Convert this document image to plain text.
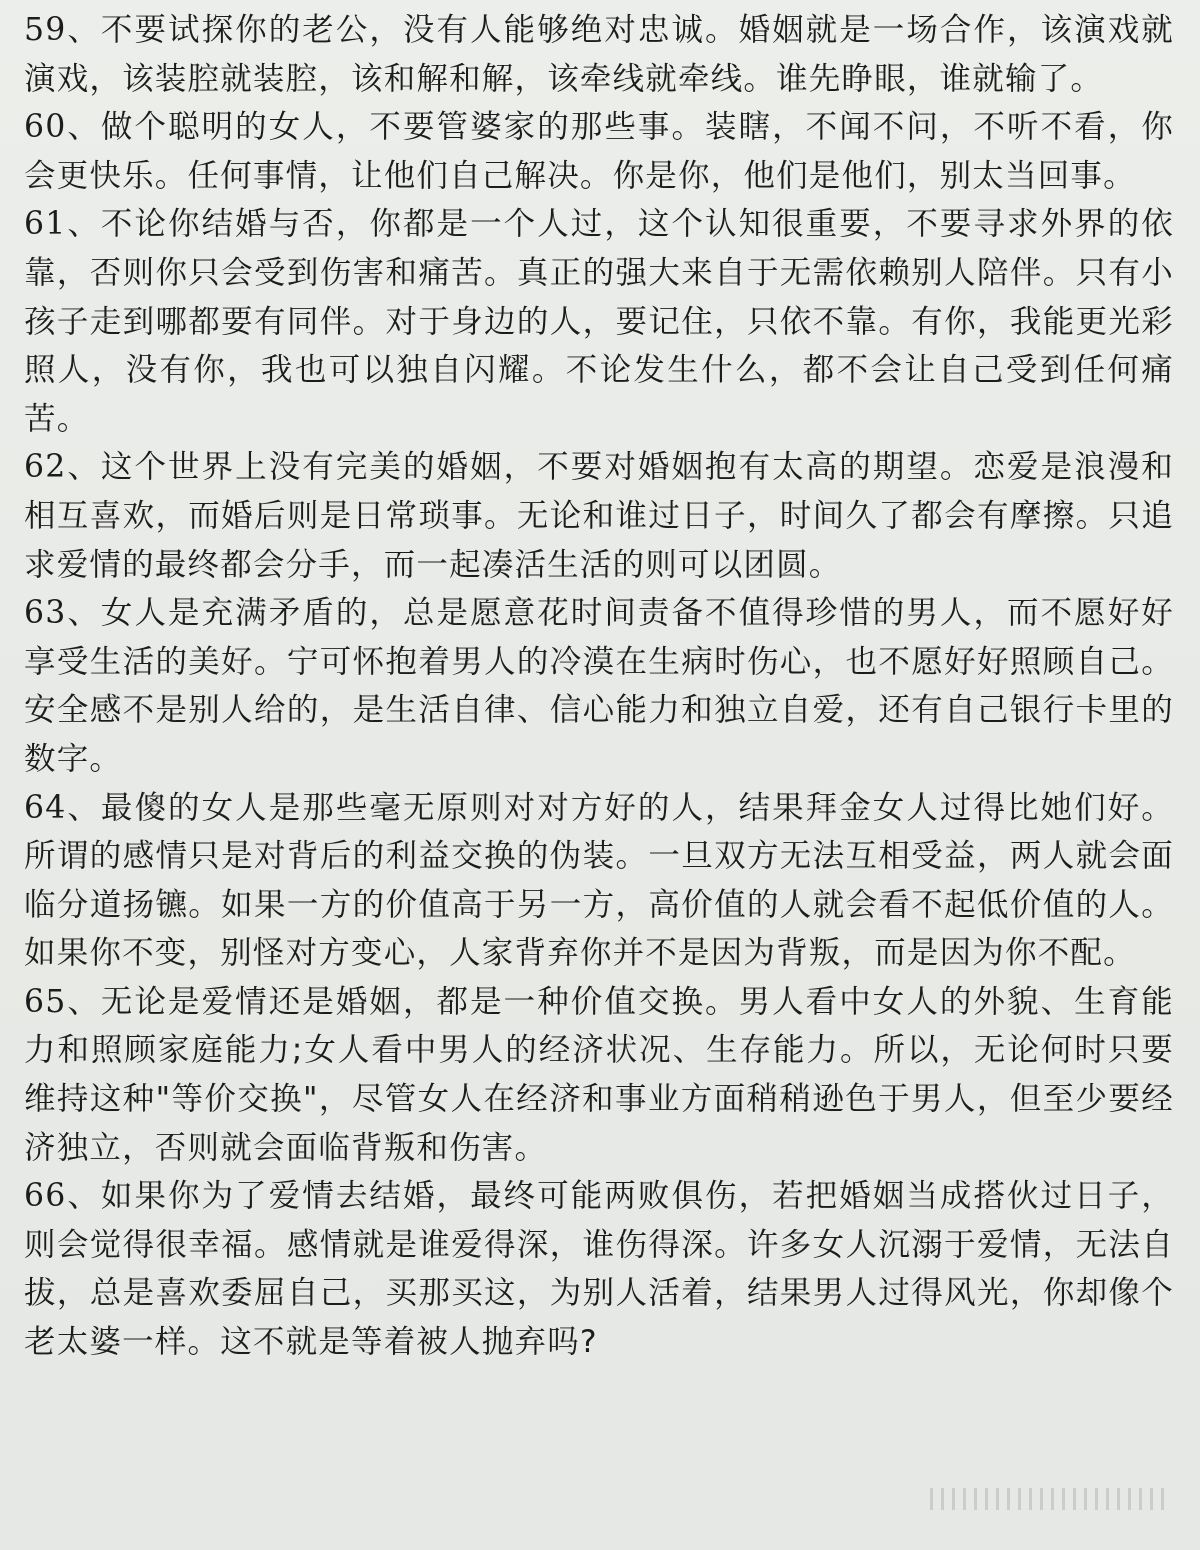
59、不要试探你的老公，没有人能够绝对忠诚。婚姻就是一场合作，该演戏就演戏，该装腔就装腔，该和解和解，该牵线就牵线。谁先睁眼，谁就输了。

60、做个聪明的女人，不要管婆家的那些事。装瞎，不闻不问，不听不看，你会更快乐。任何事情，让他们自己解决。你是你，他们是他们，别太当回事。

61、不论你结婚与否，你都是一个人过，这个认知很重要，不要寻求外界的依靠，否则你只会受到伤害和痛苦。真正的强大来自于无需依赖别人陪伴。只有小孩子走到哪都要有同伴。对于身边的人，要记住，只依不靠。有你，我能更光彩照人，没有你，我也可以独自闪耀。不论发生什么，都不会让自己受到任何痛苦。

62、这个世界上没有完美的婚姻，不要对婚姻抱有太高的期望。恋爱是浪漫和相互喜欢，而婚后则是日常琐事。无论和谁过日子，时间久了都会有摩擦。只追求爱情的最终都会分手，而一起凑活生活的则可以团圆。

63、女人是充满矛盾的，总是愿意花时间责备不值得珍惜的男人，而不愿好好享受生活的美好。宁可怀抱着男人的冷漠在生病时伤心，也不愿好好照顾自己。安全感不是别人给的，是生活自律、信心能力和独立自爱，还有自己银行卡里的数字。

64、最傻的女人是那些毫无原则对对方好的人，结果拜金女人过得比她们好。所谓的感情只是对背后的利益交换的伪装。一旦双方无法互相受益，两人就会面临分道扬镳。如果一方的价值高于另一方，高价值的人就会看不起低价值的人。如果你不变，别怪对方变心，人家背弃你并不是因为背叛，而是因为你不配。

65、无论是爱情还是婚姻，都是一种价值交换。男人看中女人的外貌、生育能力和照顾家庭能力;女人看中男人的经济状况、生存能力。所以，无论何时只要维持这种"等价交换"，尽管女人在经济和事业方面稍稍逊色于男人，但至少要经济独立，否则就会面临背叛和伤害。

66、如果你为了爱情去结婚，最终可能两败俱伤，若把婚姻当成搭伙过日子，则会觉得很幸福。感情就是谁爱得深，谁伤得深。许多女人沉溺于爱情，无法自拔，总是喜欢委屈自己，买那买这，为别人活着，结果男人过得风光，你却像个老太婆一样。这不就是等着被人抛弃吗?
